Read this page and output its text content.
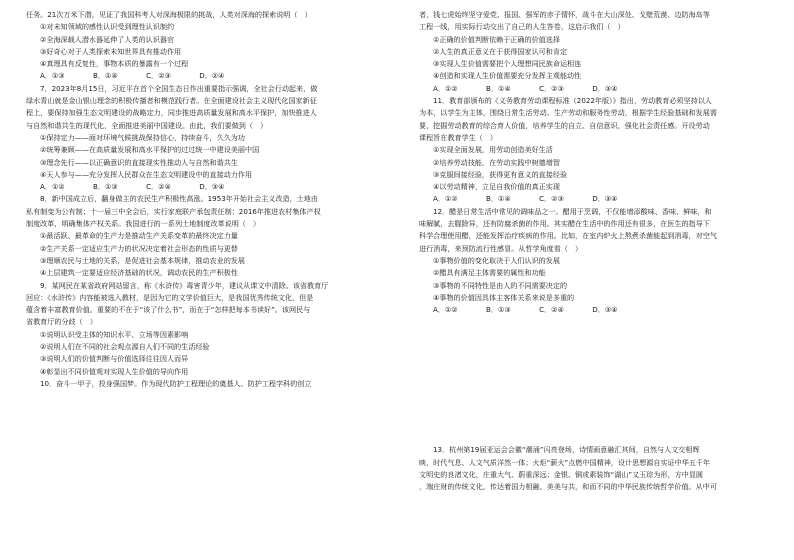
任务。21次万米下潜，见证了我国科考人对深海极限的挑战，人类对深海的探索说明（　）
①对未知领域的感性认识受到理性认识制约
②全海深载人潜水器延伸了人类的认识器官
③好奇心对于人类探索未知世界具有推动作用
④真理具有反复性，事物本质的暴露有一个过程
A．①③　　　　B．①④　　　　C．②③　　　　D．②④
7．2023年8月15日，习近平在首个全国生态日作出重要指示强调，全社会行动起来，做
绿水青山就是金山银山理念的积极传播者和模范践行者。在全面建设社会主义现代化国家新征
程上，要保持加强生态文明建设的战略定力，同步推进高质量发展和高水平保护，加快推进人
与自然和谐共生的现代化，全面推进美丽中国建设。由此，我们要做到（　）
①保持定力——面对环境气候挑战保持信心，持续奋斗，久久为功
②统筹兼顾——在高质量发展和高水平保护的过过统一中建设美丽中国
③理念先行——以正确意识的直接现实性推动人与自然和谐共生
④天人参与——充分发挥人民群众在生态文明建设中的直接动力作用
A．①②　　　　B．①③　　　　C．②④　　　　D．③④
8．新中国成立后，翻身做主的农民生产积极性高涨。1953年开始社会主义改造，土地由
私有制变为公有制；十一届三中全会后，实行家庭联产承包责任制；2016年推进农村集体产权
制度改革，明确集体产权关系。我国进行的一系列土地制度改革说明（　）
①最活跃、最革命的生产力是推动生产关系变革的最终决定力量
②生产关系一定适应生产力的状况决定着社会形态的性质与更替
③理顺农民与土地的关系，是促进社会基本规律，推动农业的发展
④上层建筑一定要适应经济基础的状况，调动农民的生产积极性
9．某网民在某省政府网站留言，称《水浒传》毒害青少年，建议从课文中清除。该省教育厅
回应：《水浒传》内容能被选入教材，是因为它的文学价值巨大，是我国优秀传统文化，但是
蕴含着丰富教育价值。重要的不在于“该了什么书”，而在于“怎样把每本书读好”。该网民与
省教育厅的分歧（　）
①说明认识受主体的知识水平、立场等因素影响
②说明人们在不同的社会观点源自人们不同的生活经验
③说明人们的价值判断与价值选择往往因人而异
④彰显出不同价值观对实现人生价值的导向作用
10．奋斗一甲子，投身强国梦。作为现代防护工程理论的奠基人、防护工程学科的创立
者，钱七虎始终坚守爱党、报国、强军的赤子情怀，战斗在大山深处、戈壁荒漠、边防海岛等
工程一线，用实际行动交出了自己的人生答卷，这启示我们（　）
①正确的价值判断依赖于正确的价值选择
②人生的真正意义在于获得国家认可和肯定
③实现人生价值需要把个人理想同民族命运相连
④创造和实现人生价值需要充分发挥主观能动性
A．①②　　　　B．①④　　　　C．②③　　　　D．③④
11．教育部颁布的《义务教育劳动课程标准（2022年版）》指出，劳动教育必须坚持以人
为本，以学生为主体，围绕日常生活劳动、生产劳动和服务性劳动，根据学生经验基础和发展需
要，挖掘劳动教育的综合育人价值，培养学生的自立、自信意识，强化社会责任感。开设劳动
课程旨在教育学生（　）
①实现全面发展，用劳动创造美好生活
②培养劳动技能，在劳动实践中树德增智
③克服间接经验，获得更有意义的直接经验
④以劳动精神，立足自我价值的真正实现
A．①②　　　　B．①④　　　　C．②③　　　　D．③④
12．醋是日常生活中常见的调味品之一。醋用于烹调，不仅能增添酸味、香味、鲜味，和
味解腻，去腥除异，还有防腐杀菌的作用。其实醋在生活中的作用还有很多，在医生的指导下
科学合理使用醋，还能发挥治疗疾病的作用。比如，在室内炉火上熬煮杀菌能起到消毒，对空气
进行消毒，来预防流行性感冒。从哲学角度看（　）
①事物价值的变化取决于人们认识的发展
②醋具有满足主体需要的属性和功能
③事物的不同特性是由人的不同需要决定的
④事物的价值因具体主客体关系来说是多重的
A．①②　　　　B．①③　　　　C．②④　　　　D．③④
13．杭州第19届亚运会会徽“潮涌”闪亮登场，诗情画意融汇其间，自然与人文交相辉
映，时代气息、人文气质洋然一体；火炬“薪火”点燃中国精神，设计思想源自实证中华五千年
文明史的良渚文化，庄重大气、蔚重深远；金银、铜或素装饰“湖山”又玉琮为形，方中显圆
，端庄财的传统文化，传达着国力相融、美美与共，和而不同的中华民族传统哲学价值。从中可
